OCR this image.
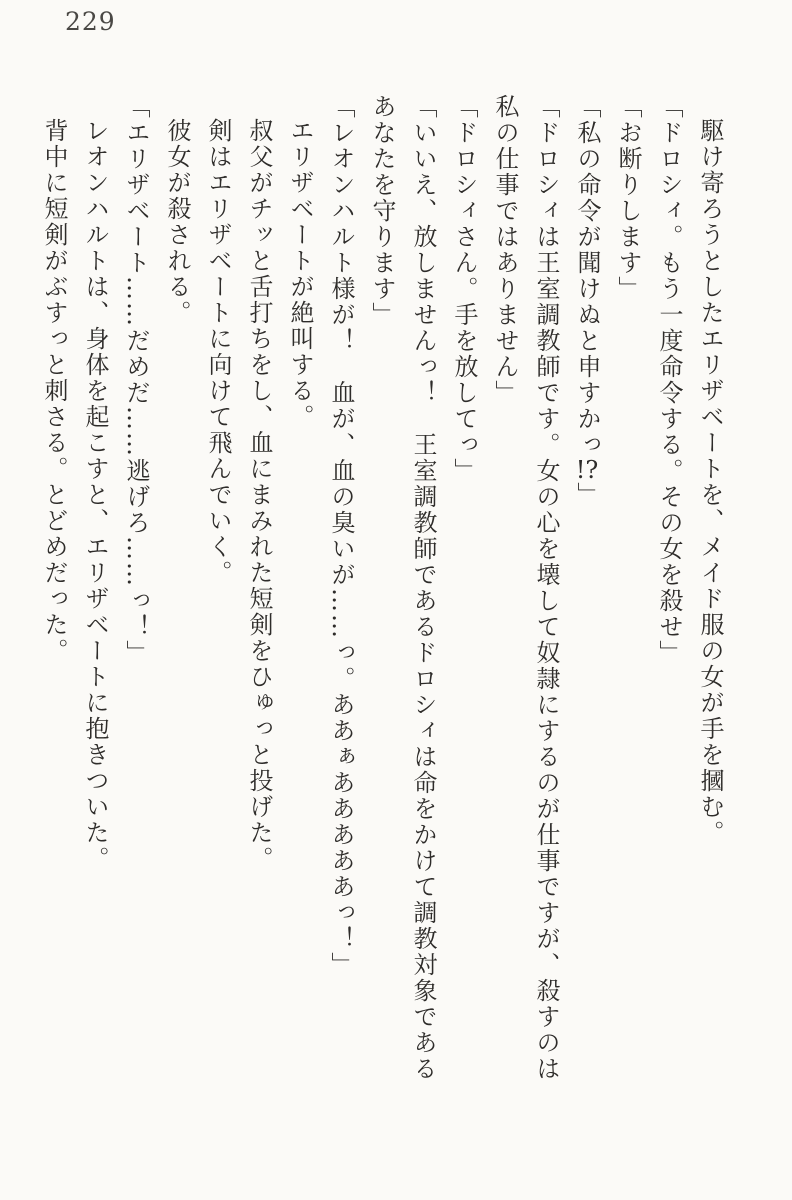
229

駆け寄ろうとしたエリザベートを、メイド服の女が手を摑む。

「ドロシィ。もう一度命令する。その女を殺せ」

「お断りします」

「私の命令が聞けぬと申すかっ!?」

「ドロシィは王室調教師です。女の心を壊して奴隷にするのが仕事ですが、殺すのは

私の仕事ではありません」

「ドロシィさん。手を放してっ」

「いいえ、放しませんっ！　王室調教師であるドロシィは命をかけて調教対象である

あなたを守ります」

「レオンハルト様が！　血が、血の臭いが……っ。ああぁあああああっ！」

エリザベートが絶叫する。

叔父がチッと舌打ちをし、血にまみれた短剣をひゅっと投げた。

剣はエリザベートに向けて飛んでいく。

彼女が殺される。

「エリザベート……だめだ……逃げろ……っ！」

レオンハルトは、身体を起こすと、エリザベートに抱きついた。

背中に短剣がぶすっと刺さる。とどめだった。
